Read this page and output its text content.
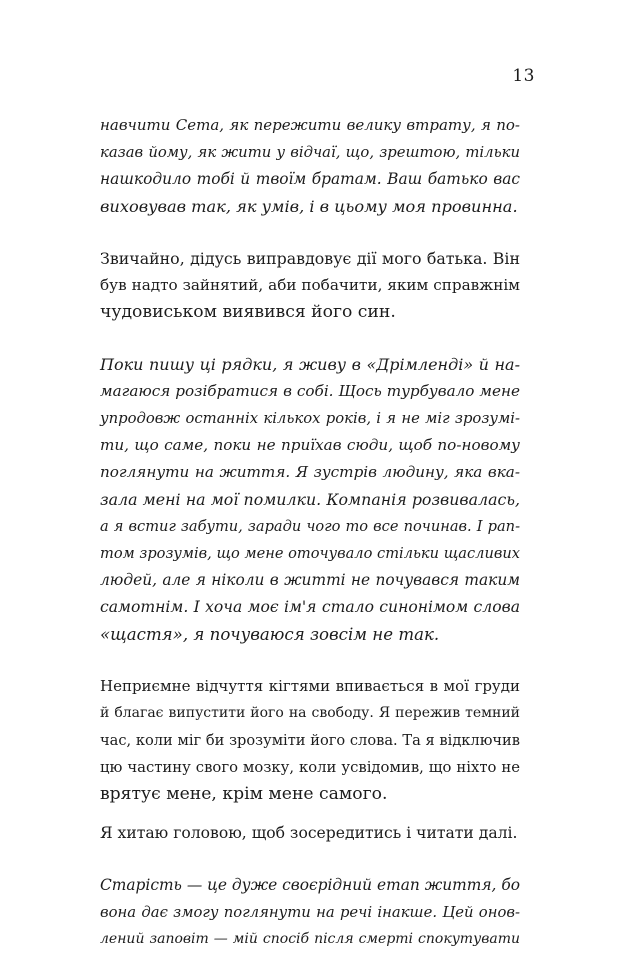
13
навчити Сета, як пережити велику втрату, я по-
казав йому, як жити у відчаї, що, зрештою, тільки
нашкодило тобі й твоїм братам. Ваш батько вас
виховував так, як умів, і в цьому моя провинна.
Звичайно, дідусь виправдовує дії мого батька. Він
був надто зайнятий, аби побачити, яким справжнім
чудовиськом виявився його син.
Поки пишу ці рядки, я живу в «Дрімленді» й на-
магаюся розібратися в собі. Щось турбувало мене
упродовж останніх кількох років, і я не міг зрозумі-
ти, що саме, поки не приїхав сюди, щоб по-новому
поглянути на життя. Я зустрів людину, яка вка-
зала мені на мої помилки. Компанія розвивалась,
а я встиг забути, заради чого то все починав. І рап-
том зрозумів, що мене оточувало стільки щасливих
людей, але я ніколи в житті не почувався таким
самотнім. І хоча моє ім'я стало синонімом слова
«щастя», я почуваюся зовсім не так.
Неприємне відчуття кігтями впивається в мої груди
й благає випустити його на свободу. Я пережив темний
час, коли міг би зрозуміти його слова. Та я відключив
цю частину свого мозку, коли усвідомив, що ніхто не
врятує мене, крім мене самого.
Я хитаю головою, щоб зосередитись і читати далі.
Старість — це дуже своєрідний етап життя, бо
вона дає змогу поглянути на речі інакше. Цей онов-
лений заповіт — мій спосіб після смерті спокутувати
